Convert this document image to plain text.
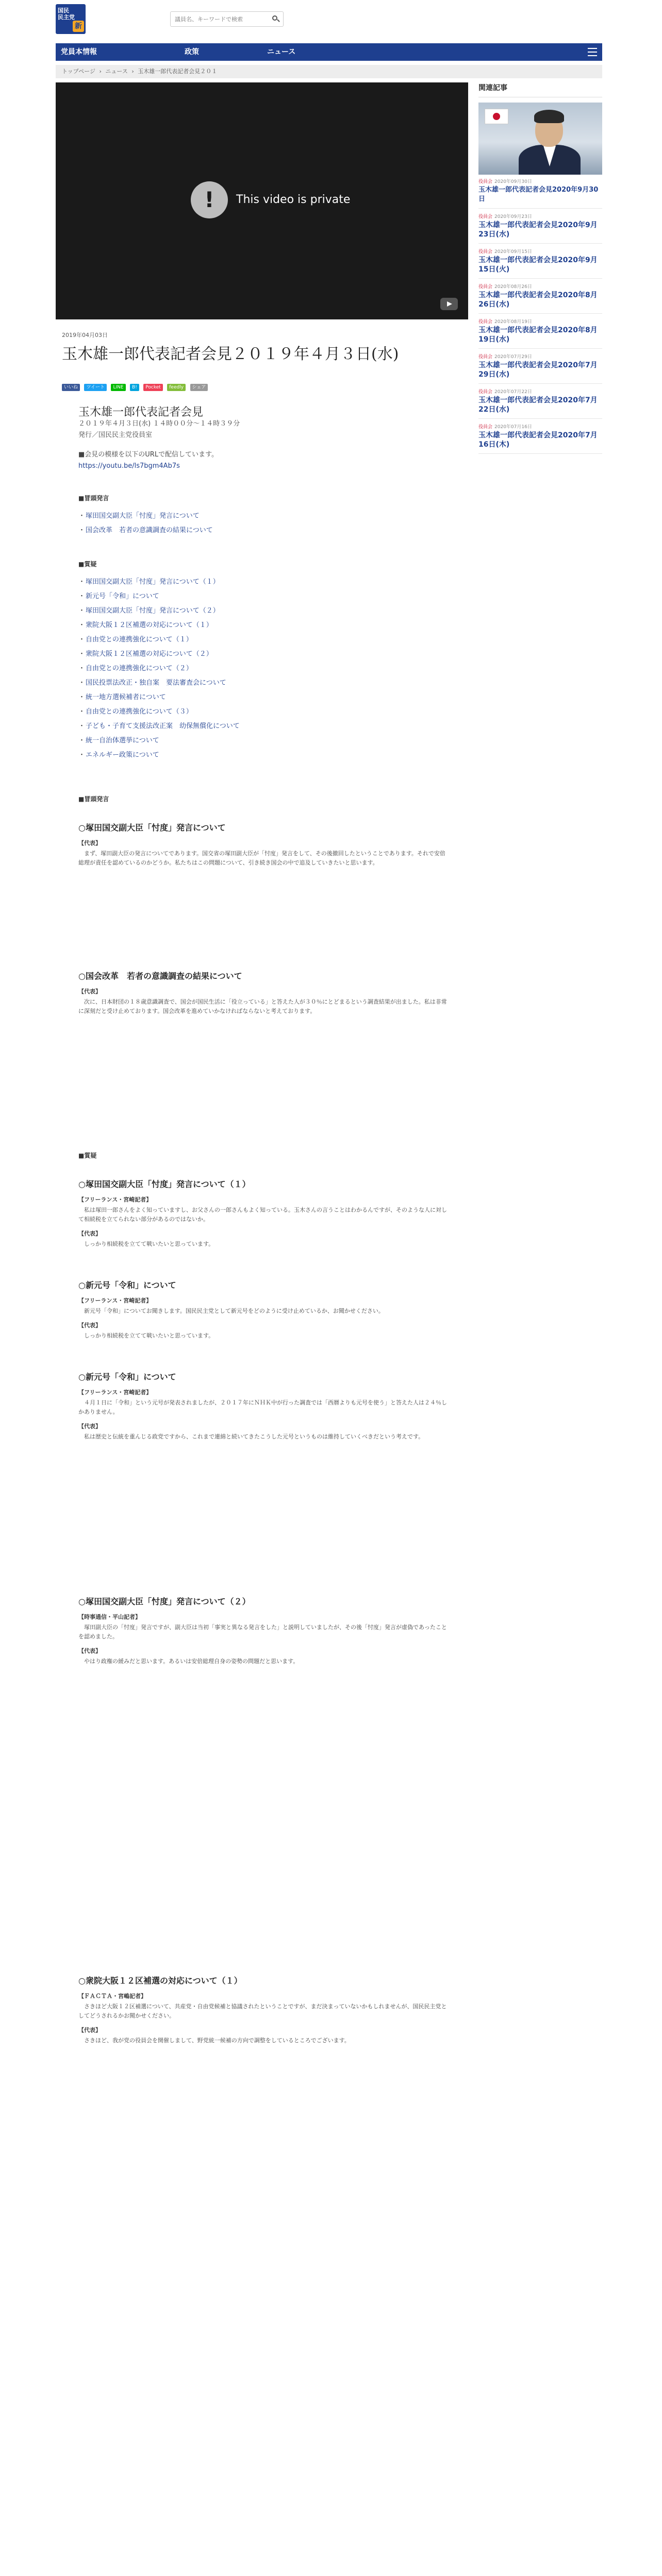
国民
民主党
新
議員名、キーワードで検索
党員本情報	政策	ニュース
トップページ › ニュース › 玉木雄一郎代表記者会見２０１
!	This video is private
2019年04月03日
玉木雄一郎代表記者会見２０１９年４月３日(水)
いいね ツイート LINE B! Pocket feedly シェア
玉木雄一郎代表記者会見
２０１９年４月３日(水) １４時００分～１４時３９分
発行／国民民主党役員室
■会見の模様を以下のURLで配信しています。
https://youtu.be/ls7bgm4Ab7s
■冒頭発言
・ 塚田国交副大臣「忖度」発言について
・ 国会改革　若者の意識調査の結果について
■質疑
・ 塚田国交副大臣「忖度」発言について（１）
・ 新元号「令和」について
・ 塚田国交副大臣「忖度」発言について（２）
・ 衆院大阪１２区補選の対応について（１）
・ 自由党との連携強化について（１）
・ 衆院大阪１２区補選の対応について（２）
・ 自由党との連携強化について（２）
・ 国民投票法改正・独自案　要法審査会について
・ 統一地方選候補者について
・ 自由党との連携強化について（３）
・ 子ども・子育て支援法改正案　幼保無償化について
・ 統一自治体選挙について
・ エネルギー政策について
■冒頭発言
○塚田国交副大臣「忖度」発言について
【代表】

まず、塚田副大臣の発言についてであります。国交省の塚田副大臣が「忖度」発言をして、その後撤回したということであります。それで安倍総理が責任を認めているのかどうか。私たちはこの問題について、引き続き国会の中で追及していきたいと思います。

○国会改革　若者の意識調査の結果について
【代表】

次に、日本財団の１８歳意識調査で、国会が国民生活に「役立っている」と答えた人が３０％にとどまるという調査結果が出ました。私は非常に深刻だと受け止めております。国会改革を進めていかなければならないと考えております。

■質疑
○塚田国交副大臣「忖度」発言について（１）
【フリーランス・宮崎記者】

私は塚田一郎さんをよく知っていますし、お父さんの一郎さんもよく知っている。玉木さんの言うことはわかるんですが、そのような人に対して相続税を立てられない部分があるのではないか。

【代表】

しっかり相続税を立てて戦いたいと思っています。

○新元号「令和」について
【フリーランス・宮崎記者】

新元号「令和」についてお聞きします。国民民主党として新元号をどのように受け止めているか、お聞かせください。

【代表】

しっかり相続税を立てて戦いたいと思っています。

○新元号「令和」について
【フリーランス・宮崎記者】

４月１日に「令和」という元号が発表されましたが、２０１７年にＮＨＫ中が行った調査では「西暦よりも元号を使う」と答えた人は２４％しかありません。

【代表】

私は歴史と伝統を重んじる政党ですから、これまで連綿と続いてきたこうした元号というものは維持していくべきだという考えです。

○塚田国交副大臣「忖度」発言について（２）
【時事通信・平山記者】

塚田副大臣の「忖度」発言ですが、副大臣は当初「事実と異なる発言をした」と説明していましたが、その後「忖度」発言が虚偽であったことを認めました。

【代表】

やはり政権の緩みだと思います。あるいは安倍総理自身の姿勢の問題だと思います。

○衆院大阪１２区補選の対応について（１）
【ＦＡＣＴＡ・宮嶋記者】

さきほど大阪１２区補選について、共産党・自由党候補と協議されたということですが、まだ決まっていないかもしれませんが、国民民主党としてどうされるかお聞かせください。

【代表】

さきほど、我が党の役員会を開催しまして、野党統一候補の方向で調整をしているところでございます。

関連記事
役員会 2020年09月30日
玉木雄一郎代表記者会見2020年9月30日
役員会 2020年09月23日
玉木雄一郎代表記者会見2020年9月23日(水)
役員会 2020年09月15日
玉木雄一郎代表記者会見2020年9月15日(火)
役員会 2020年08月26日
玉木雄一郎代表記者会見2020年8月26日(水)
役員会 2020年08月19日
玉木雄一郎代表記者会見2020年8月19日(水)
役員会 2020年07月29日
玉木雄一郎代表記者会見2020年7月29日(水)
役員会 2020年07月22日
玉木雄一郎代表記者会見2020年7月22日(水)
役員会 2020年07月16日
玉木雄一郎代表記者会見2020年7月16日(木)
